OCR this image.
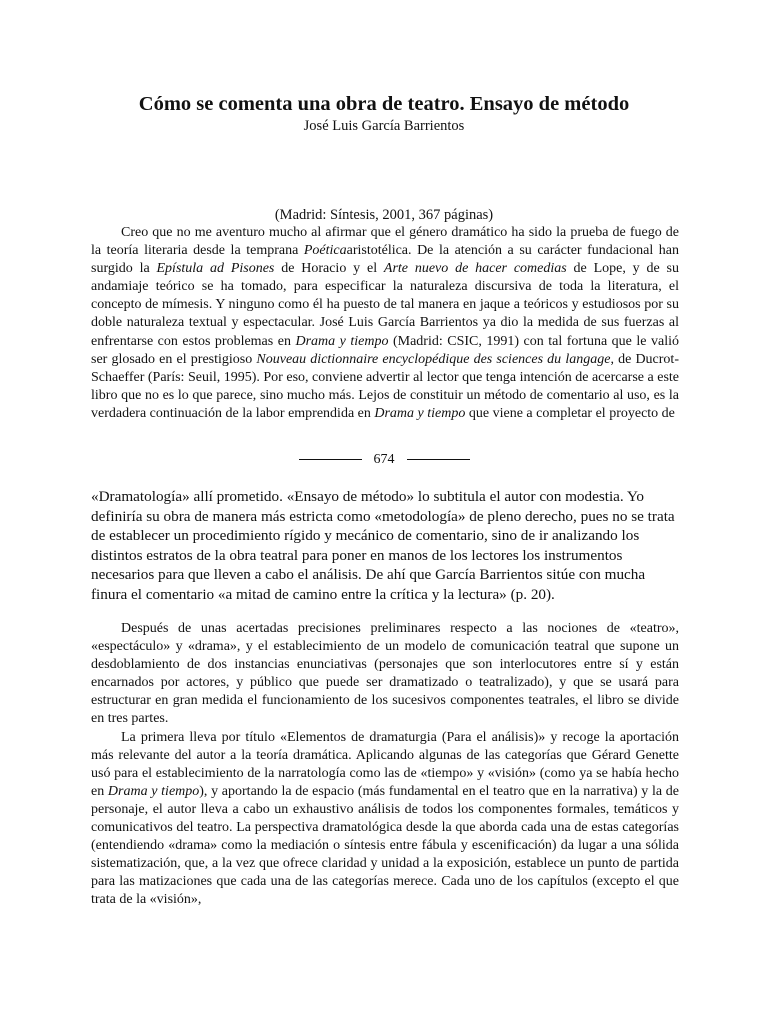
Cómo se comenta una obra de teatro. Ensayo de método
José Luis García Barrientos
(Madrid: Síntesis, 2001, 367 páginas)

Creo que no me aventuro mucho al afirmar que el género dramático ha sido la prueba de fuego de la teoría literaria desde la temprana Poéticaaristotélica. De la atención a su carácter fundacional han surgido la Epístula ad Pisones de Horacio y el Arte nuevo de hacer comedias de Lope, y de su andamiaje teórico se ha tomado, para especificar la naturaleza discursiva de toda la literatura, el concepto de mímesis. Y ninguno como él ha puesto de tal manera en jaque a teóricos y estudiosos por su doble naturaleza textual y espectacular. José Luis García Barrientos ya dio la medida de sus fuerzas al enfrentarse con estos problemas en Drama y tiempo (Madrid: CSIC, 1991) con tal fortuna que le valió ser glosado en el prestigioso Nouveau dictionnaire encyclopédique des sciences du langage, de Ducrot-Schaeffer (París: Seuil, 1995). Por eso, conviene advertir al lector que tenga intención de acercarse a este libro que no es lo que parece, sino mucho más. Lejos de constituir un método de comentario al uso, es la verdadera continuación de la labor emprendida en Drama y tiempo que viene a completar el proyecto de

674

«Dramatología» allí prometido. «Ensayo de método» lo subtitula el autor con modestia. Yo definiría su obra de manera más estricta como «metodología» de pleno derecho, pues no se trata de establecer un procedimiento rígido y mecánico de comentario, sino de ir analizando los distintos estratos de la obra teatral para poner en manos de los lectores los instrumentos necesarios para que lleven a cabo el análisis. De ahí que García Barrientos sitúe con mucha finura el comentario «a mitad de camino entre la crítica y la lectura» (p. 20).

Después de unas acertadas precisiones preliminares respecto a las nociones de «teatro», «espectáculo» y «drama», y el establecimiento de un modelo de comunicación teatral que supone un desdoblamiento de dos instancias enunciativas (personajes que son interlocutores entre sí y están encarnados por actores, y público que puede ser dramatizado o teatralizado), y que se usará para estructurar en gran medida el funcionamiento de los sucesivos componentes teatrales, el libro se divide en tres partes.

La primera lleva por título «Elementos de dramaturgia (Para el análisis)» y recoge la aportación más relevante del autor a la teoría dramática. Aplicando algunas de las categorías que Gérard Genette usó para el establecimiento de la narratología como las de «tiempo» y «visión» (como ya se había hecho en Drama y tiempo), y aportando la de espacio (más fundamental en el teatro que en la narrativa) y la de personaje, el autor lleva a cabo un exhaustivo análisis de todos los componentes formales, temáticos y comunicativos del teatro. La perspectiva dramatológica desde la que aborda cada una de estas categorías (entendiendo «drama» como la mediación o síntesis entre fábula y escenificación) da lugar a una sólida sistematización, que, a la vez que ofrece claridad y unidad a la exposición, establece un punto de partida para las matizaciones que cada una de las categorías merece. Cada uno de los capítulos (excepto el que trata de la «visión»,
